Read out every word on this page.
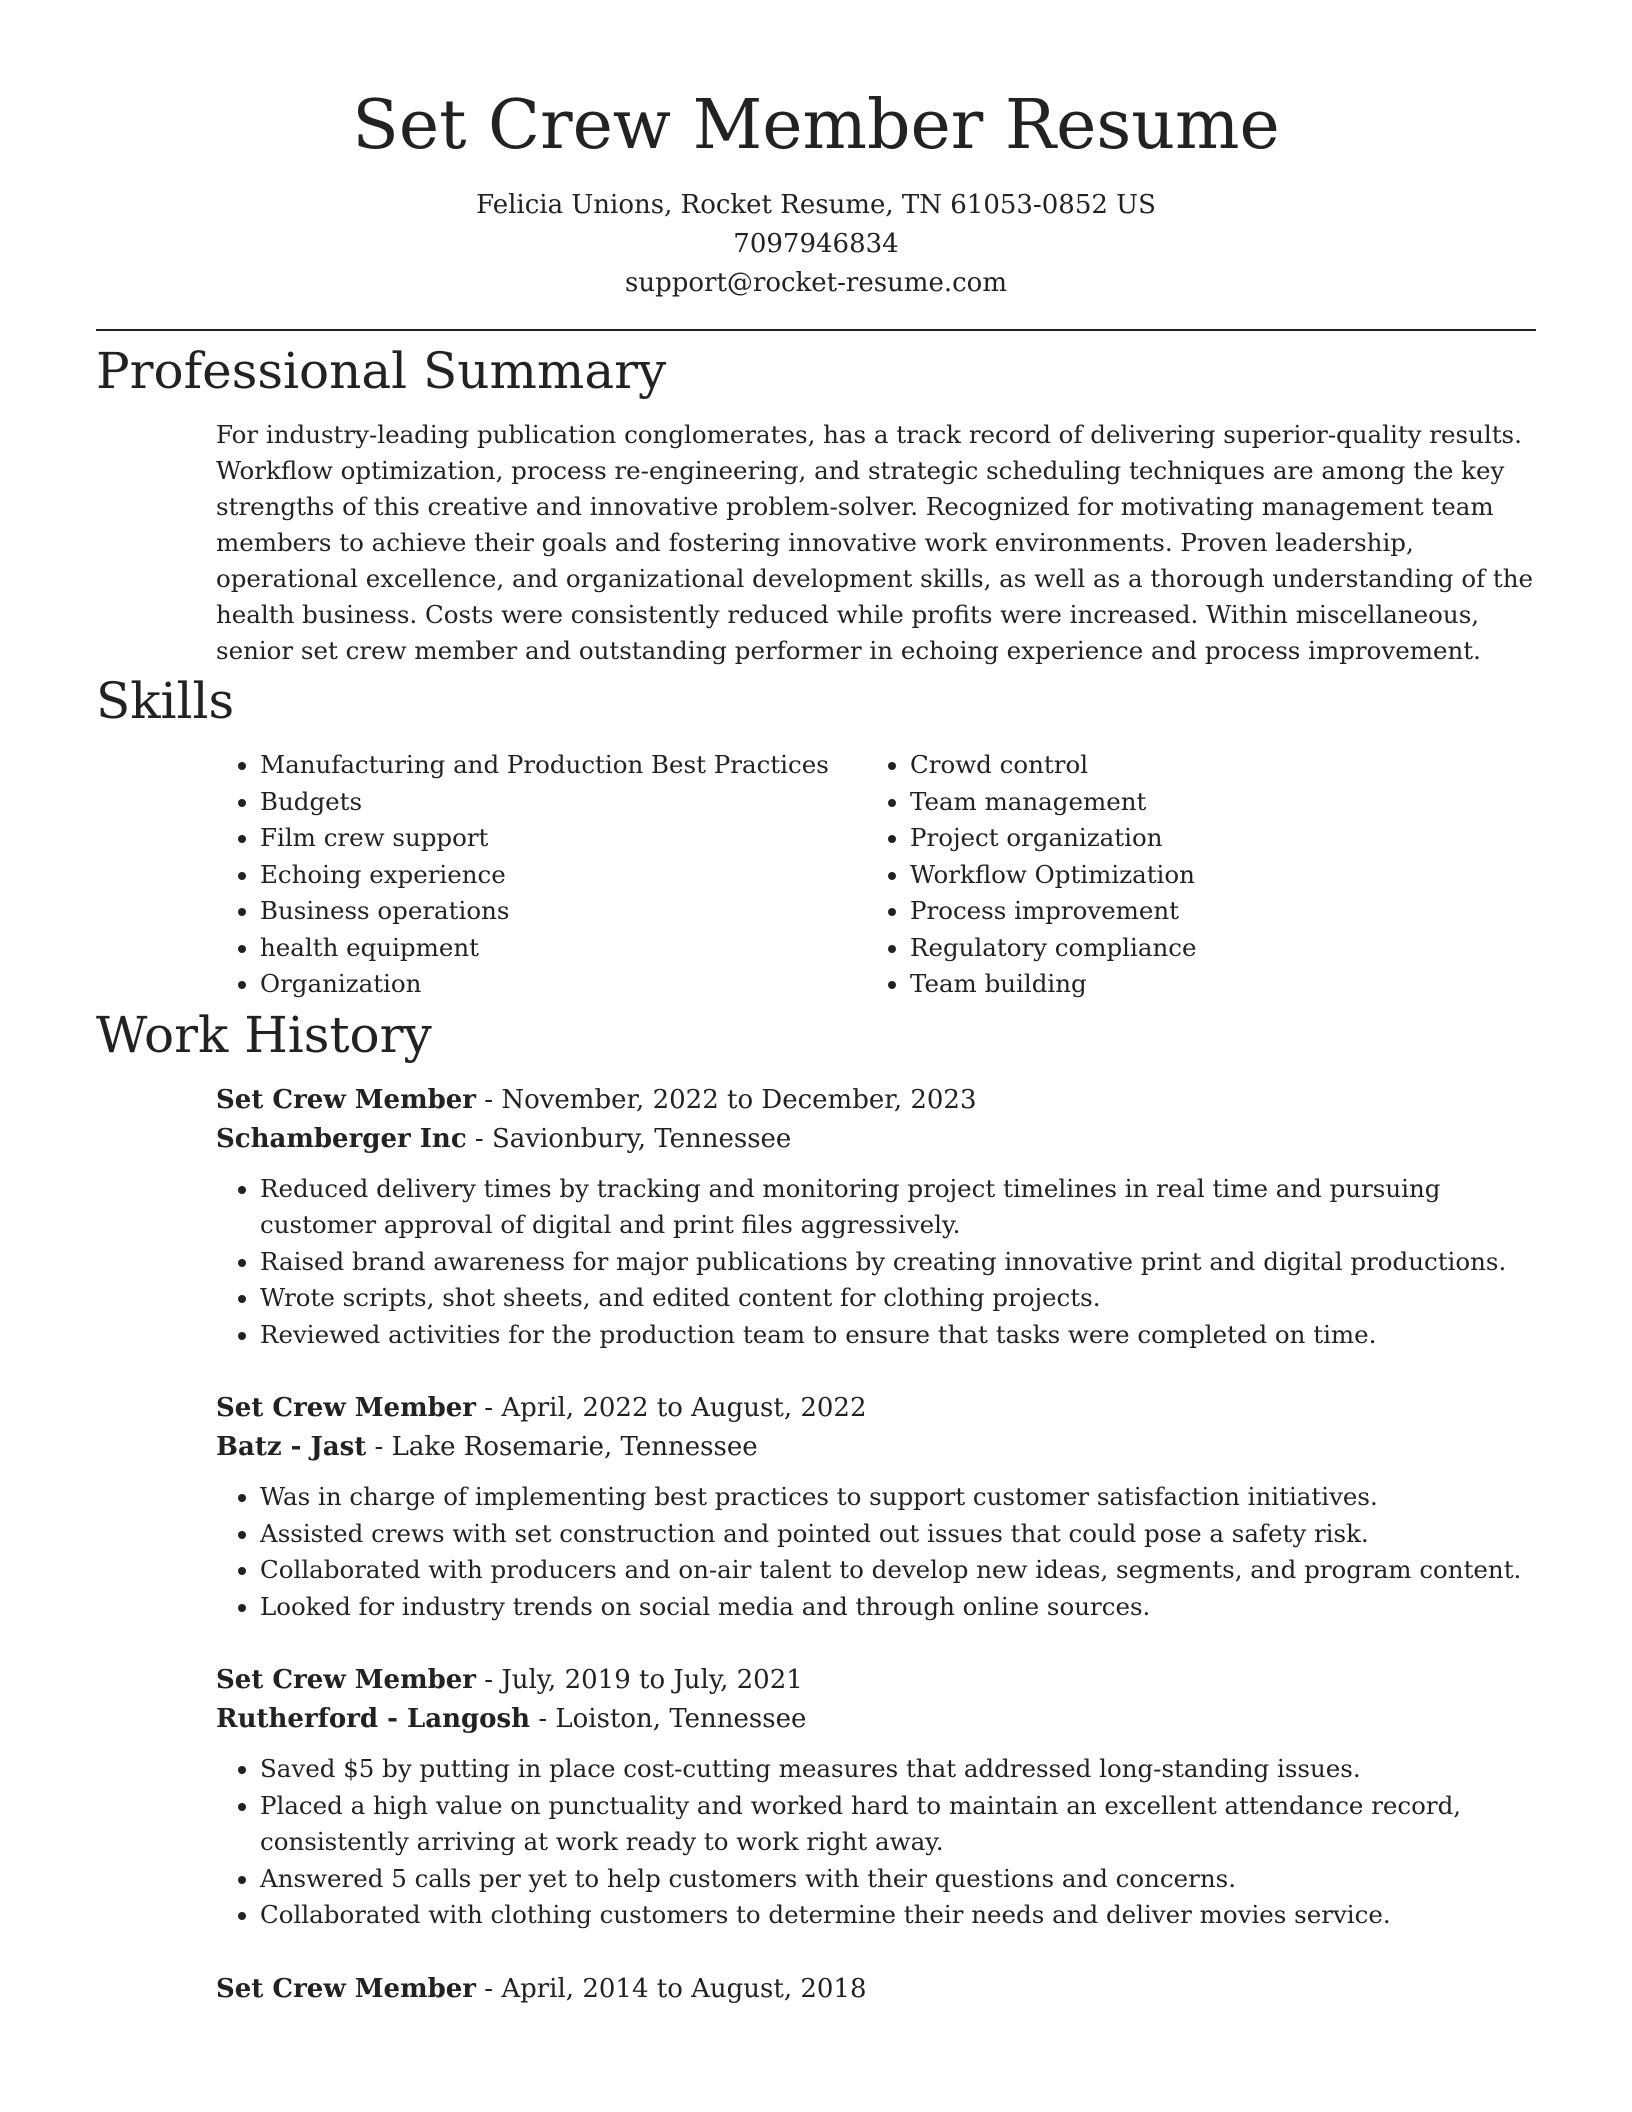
Set Crew Member Resume
Felicia Unions, Rocket Resume, TN 61053-0852 US
7097946834
support@rocket-resume.com
Professional Summary
For industry-leading publication conglomerates, has a track record of delivering superior-quality results. Workflow optimization, process re-engineering, and strategic scheduling techniques are among the key strengths of this creative and innovative problem-solver. Recognized for motivating management team members to achieve their goals and fostering innovative work environments. Proven leadership, operational excellence, and organizational development skills, as well as a thorough understanding of the health business. Costs were consistently reduced while profits were increased. Within miscellaneous, senior set crew member and outstanding performer in echoing experience and process improvement.
Skills
• Manufacturing and Production Best Practices
• Budgets
• Film crew support
• Echoing experience
• Business operations
• health equipment
• Organization
• Crowd control
• Team management
• Project organization
• Workflow Optimization
• Process improvement
• Regulatory compliance
• Team building
Work History
Set Crew Member - November, 2022 to December, 2023
Schamberger Inc - Savionbury, Tennessee
• Reduced delivery times by tracking and monitoring project timelines in real time and pursuing customer approval of digital and print files aggressively.
• Raised brand awareness for major publications by creating innovative print and digital productions.
• Wrote scripts, shot sheets, and edited content for clothing projects.
• Reviewed activities for the production team to ensure that tasks were completed on time.
Set Crew Member - April, 2022 to August, 2022
Batz - Jast - Lake Rosemarie, Tennessee
• Was in charge of implementing best practices to support customer satisfaction initiatives.
• Assisted crews with set construction and pointed out issues that could pose a safety risk.
• Collaborated with producers and on-air talent to develop new ideas, segments, and program content.
• Looked for industry trends on social media and through online sources.
Set Crew Member - July, 2019 to July, 2021
Rutherford - Langosh - Loiston, Tennessee
• Saved $5 by putting in place cost-cutting measures that addressed long-standing issues.
• Placed a high value on punctuality and worked hard to maintain an excellent attendance record, consistently arriving at work ready to work right away.
• Answered 5 calls per yet to help customers with their questions and concerns.
• Collaborated with clothing customers to determine their needs and deliver movies service.
Set Crew Member - April, 2014 to August, 2018
